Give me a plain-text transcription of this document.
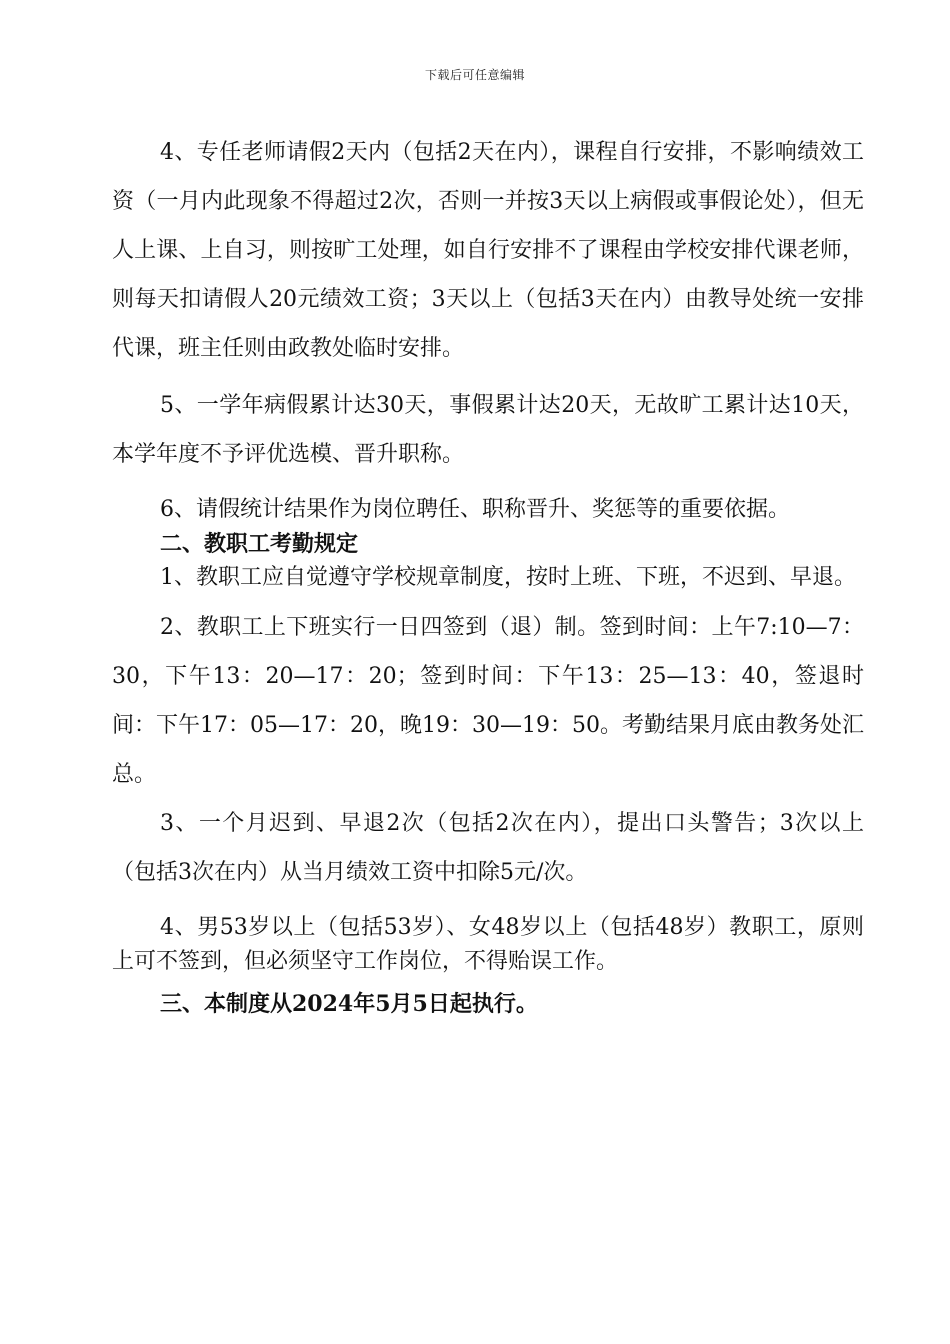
下载后可任意编辑

4、专任老师请假2天内（包括2天在内），课程自行安排，不影响绩效工资（一月内此现象不得超过2次，否则一并按3天以上病假或事假论处），但无人上课、上自习，则按旷工处理，如自行安排不了课程由学校安排代课老师，则每天扣请假人20元绩效工资；3天以上（包括3天在内）由教导处统一安排代课，班主任则由政教处临时安排。

5、一学年病假累计达30天，事假累计达20天，无故旷工累计达10天，本学年度不予评优选模、晋升职称。

6、请假统计结果作为岗位聘任、职称晋升、奖惩等的重要依据。

二、教职工考勤规定

1、教职工应自觉遵守学校规章制度，按时上班、下班，不迟到、早退。

2、教职工上下班实行一日四签到（退）制。签到时间：上午7:10—7：30，下午13：20—17：20；签到时间：下午13：25—13：40，签退时间：下午17：05—17：20，晚19：30—19：50。考勤结果月底由教务处汇总。

3、一个月迟到、早退2次（包括2次在内），提出口头警告；3次以上（包括3次在内）从当月绩效工资中扣除5元/次。

4、男53岁以上（包括53岁）、女48岁以上（包括48岁）教职工，原则上可不签到，但必须坚守工作岗位，不得贻误工作。

三、本制度从2024年5月5日起执行。
